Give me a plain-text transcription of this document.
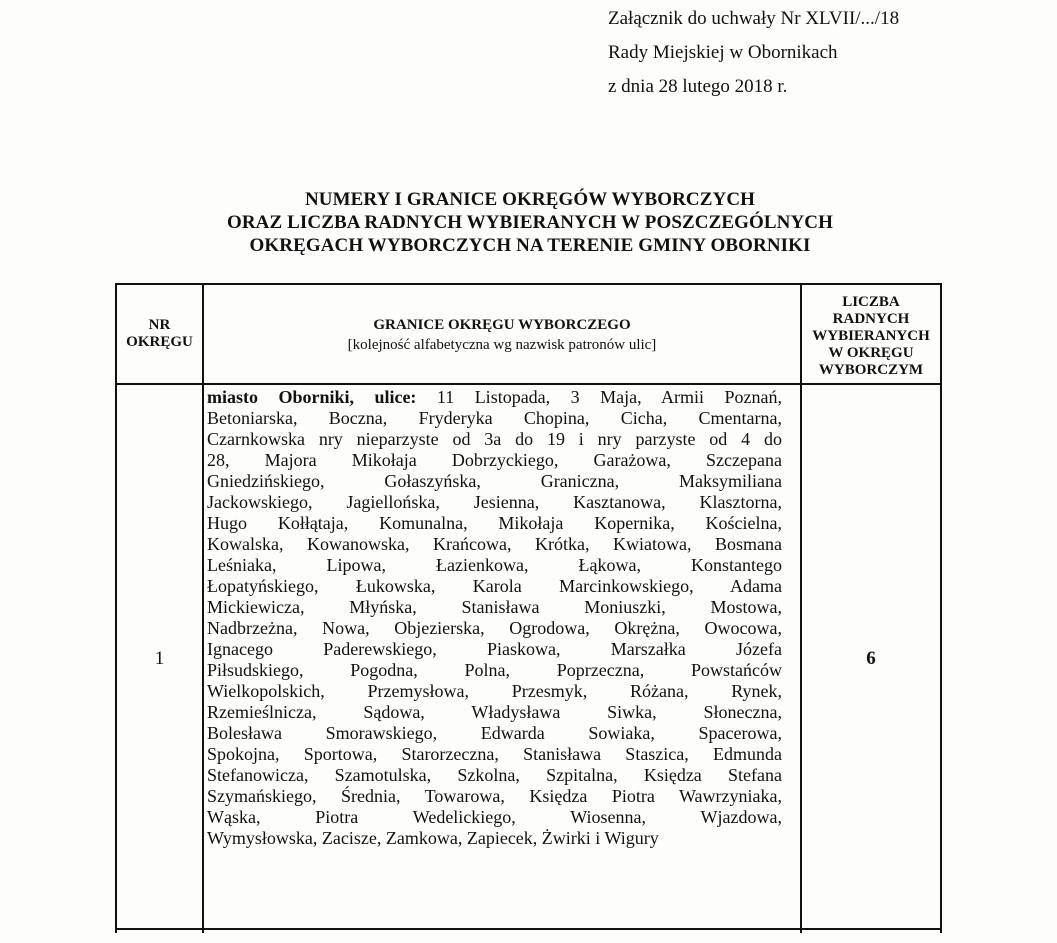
Załącznik do uchwały Nr XLVII/.../18
Rady Miejskiej w Obornikach
z dnia 28 lutego 2018 r.
NUMERY I GRANICE OKRĘGÓW WYBORCZYCH
ORAZ LICZBA RADNYCH WYBIERANYCH W POSZCZEGÓLNYCH
OKRĘGACH WYBORCZYCH NA TERENIE GMINY OBORNIKI
NR
OKRĘGU
GRANICE OKRĘGU WYBORCZEGO
[kolejność alfabetyczna wg nazwisk patronów ulic]
LICZBA
RADNYCH
WYBIERANYCH
W OKRĘGU
WYBORCZYM
1
miasto Oborniki, ulice: 11 Listopada, 3 Maja, Armii Poznań,
Betoniarska, Boczna, Fryderyka Chopina, Cicha, Cmentarna,
Czarnkowska nry nieparzyste od 3a do 19 i nry parzyste od 4 do
28, Majora Mikołaja Dobrzyckiego, Garażowa, Szczepana
Gniedzińskiego, Gołaszyńska, Graniczna, Maksymiliana
Jackowskiego, Jagiellońska, Jesienna, Kasztanowa, Klasztorna,
Hugo Kołłątaja, Komunalna, Mikołaja Kopernika, Kościelna,
Kowalska, Kowanowska, Krańcowa, Krótka, Kwiatowa, Bosmana
Leśniaka, Lipowa, Łazienkowa, Łąkowa, Konstantego
Łopatyńskiego, Łukowska, Karola Marcinkowskiego, Adama
Mickiewicza, Młyńska, Stanisława Moniuszki, Mostowa,
Nadbrzeżna, Nowa, Objezierska, Ogrodowa, Okrężna, Owocowa,
Ignacego Paderewskiego, Piaskowa, Marszałka Józefa
Piłsudskiego, Pogodna, Polna, Poprzeczna, Powstańców
Wielkopolskich, Przemysłowa, Przesmyk, Różana, Rynek,
Rzemieślnicza, Sądowa, Władysława Siwka, Słoneczna,
Bolesława Smorawskiego, Edwarda Sowiaka, Spacerowa,
Spokojna, Sportowa, Starorzeczna, Stanisława Staszica, Edmunda
Stefanowicza, Szamotulska, Szkolna, Szpitalna, Księdza Stefana
Szymańskiego, Średnia, Towarowa, Księdza Piotra Wawrzyniaka,
Wąska, Piotra Wedelickiego, Wiosenna, Wjazdowa,
Wymysłowska, Zacisze, Zamkowa, Zapiecek, Żwirki i Wigury
6
